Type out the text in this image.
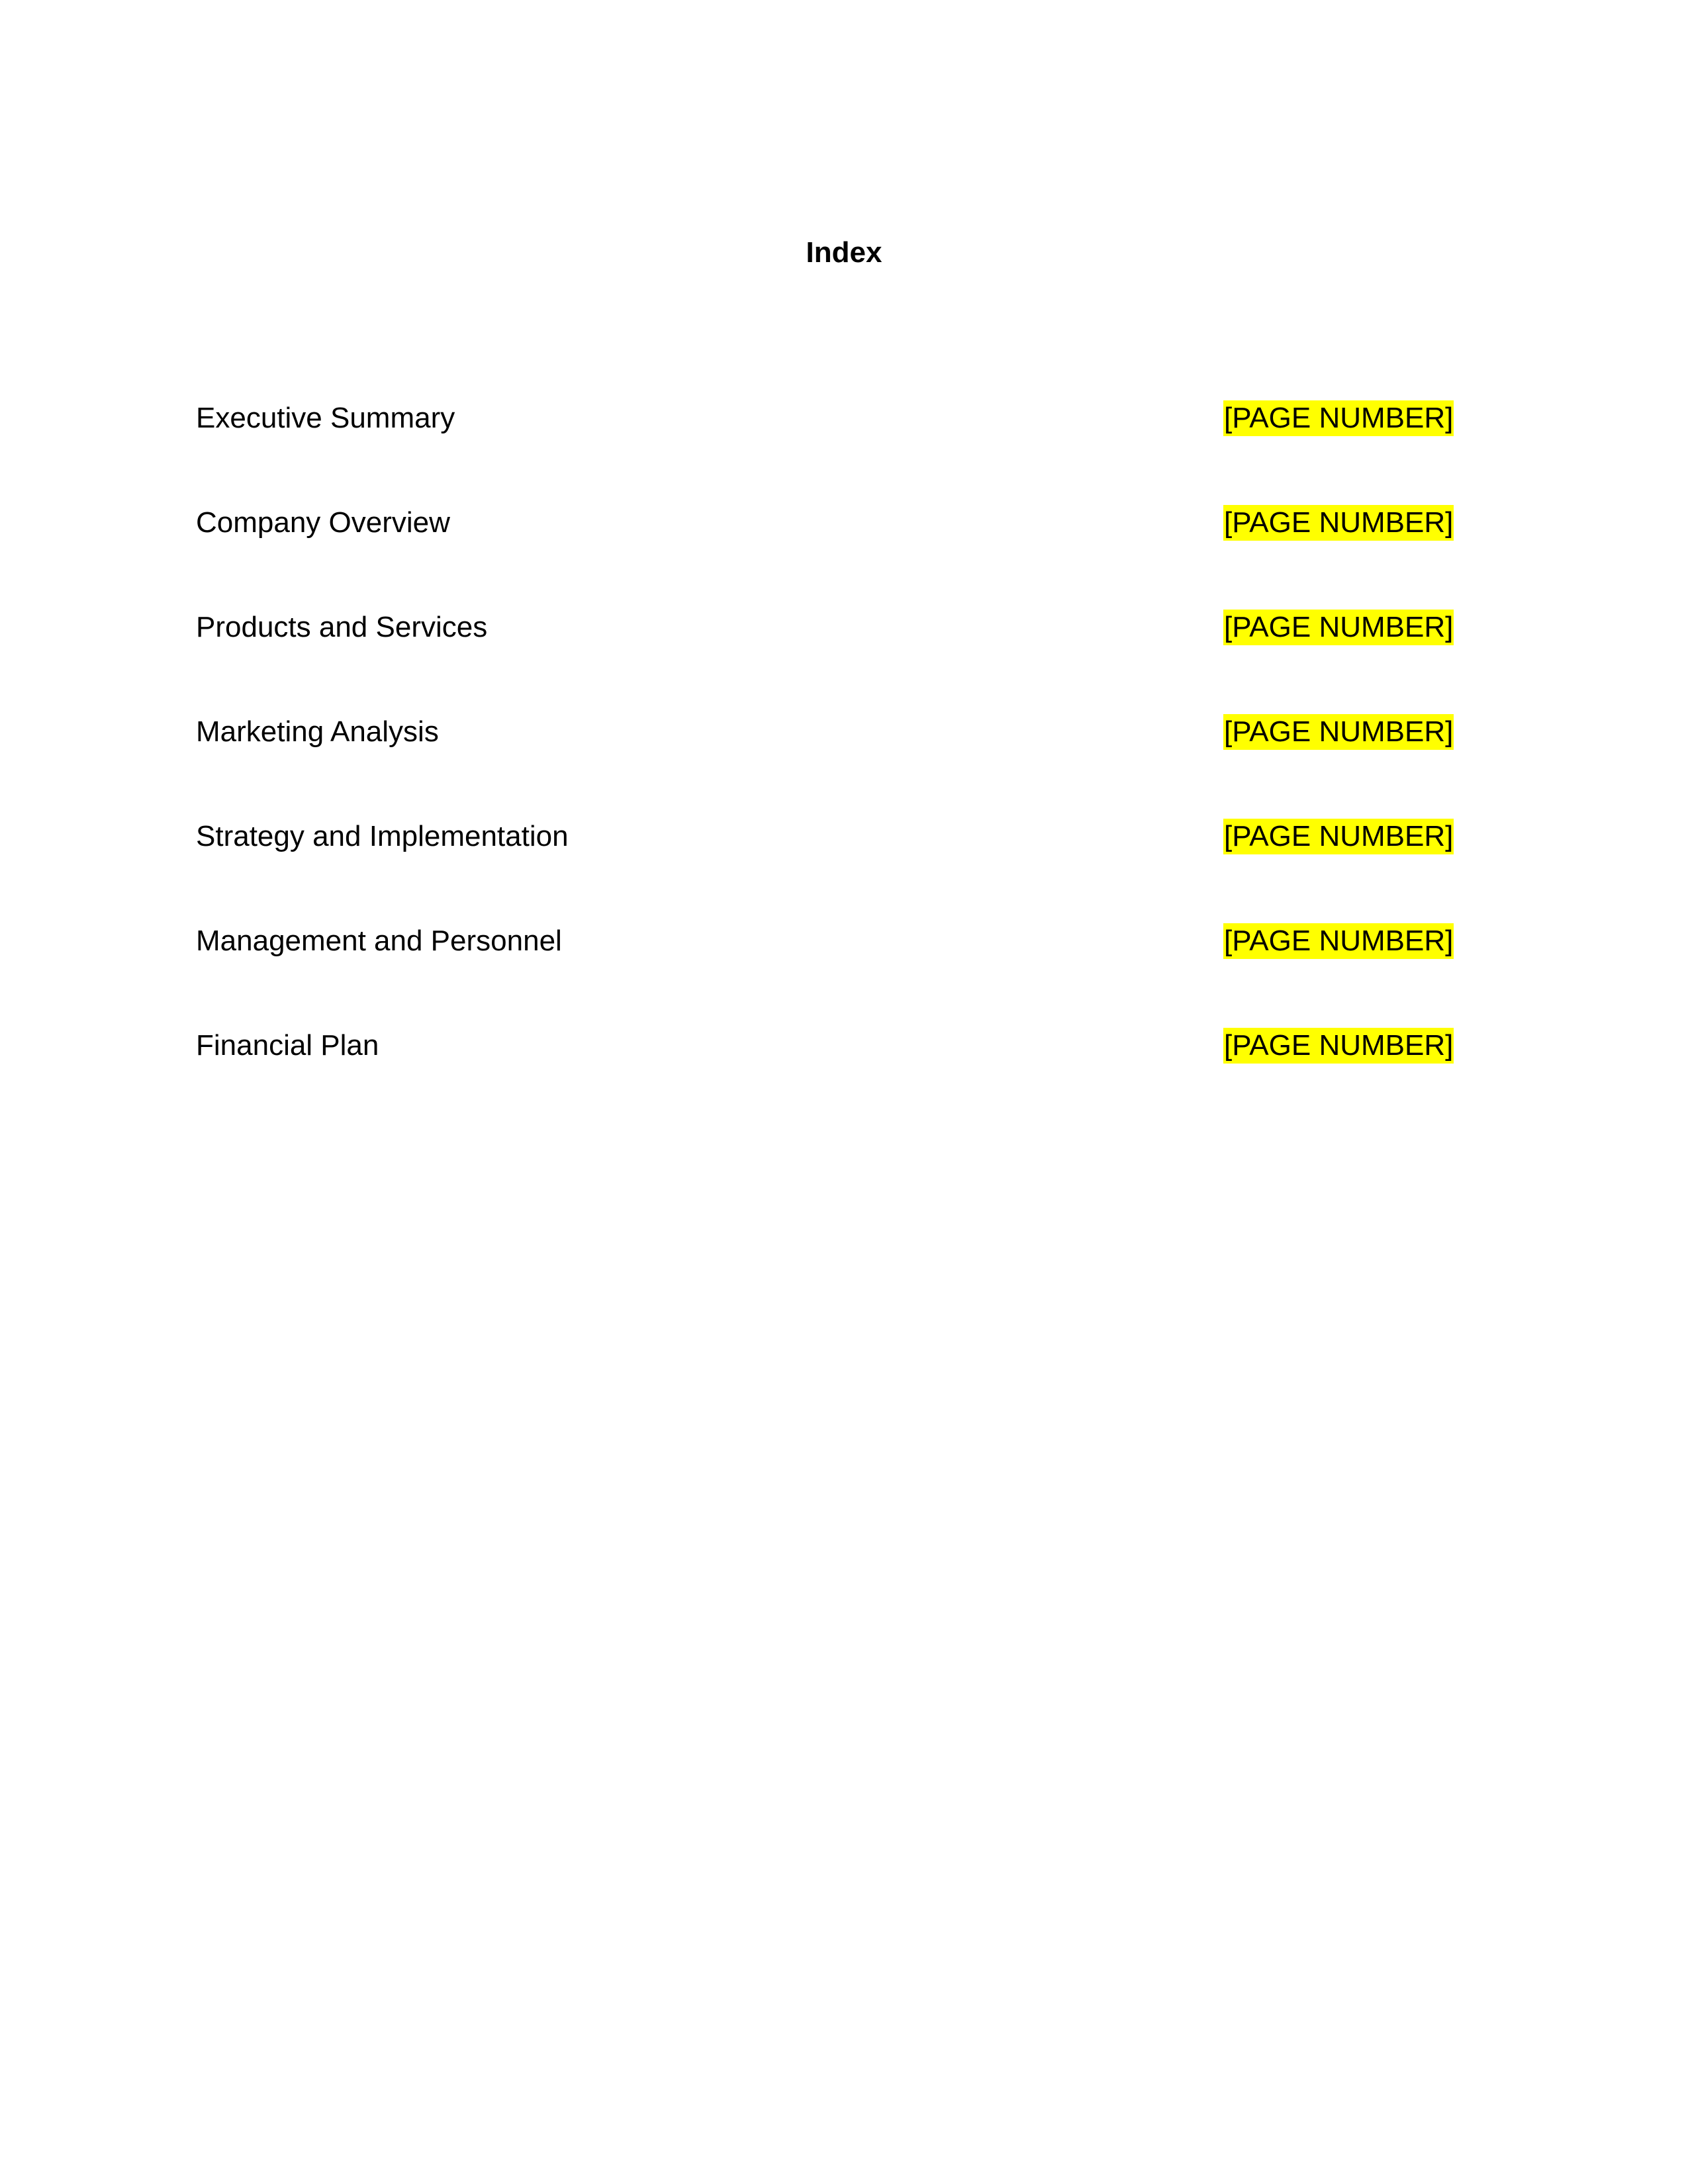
Index
Executive Summary	[PAGE NUMBER]
Company Overview	[PAGE NUMBER]
Products and Services	[PAGE NUMBER]
Marketing Analysis	[PAGE NUMBER]
Strategy and Implementation	[PAGE NUMBER]
Management and Personnel	[PAGE NUMBER]
Financial Plan	[PAGE NUMBER]
